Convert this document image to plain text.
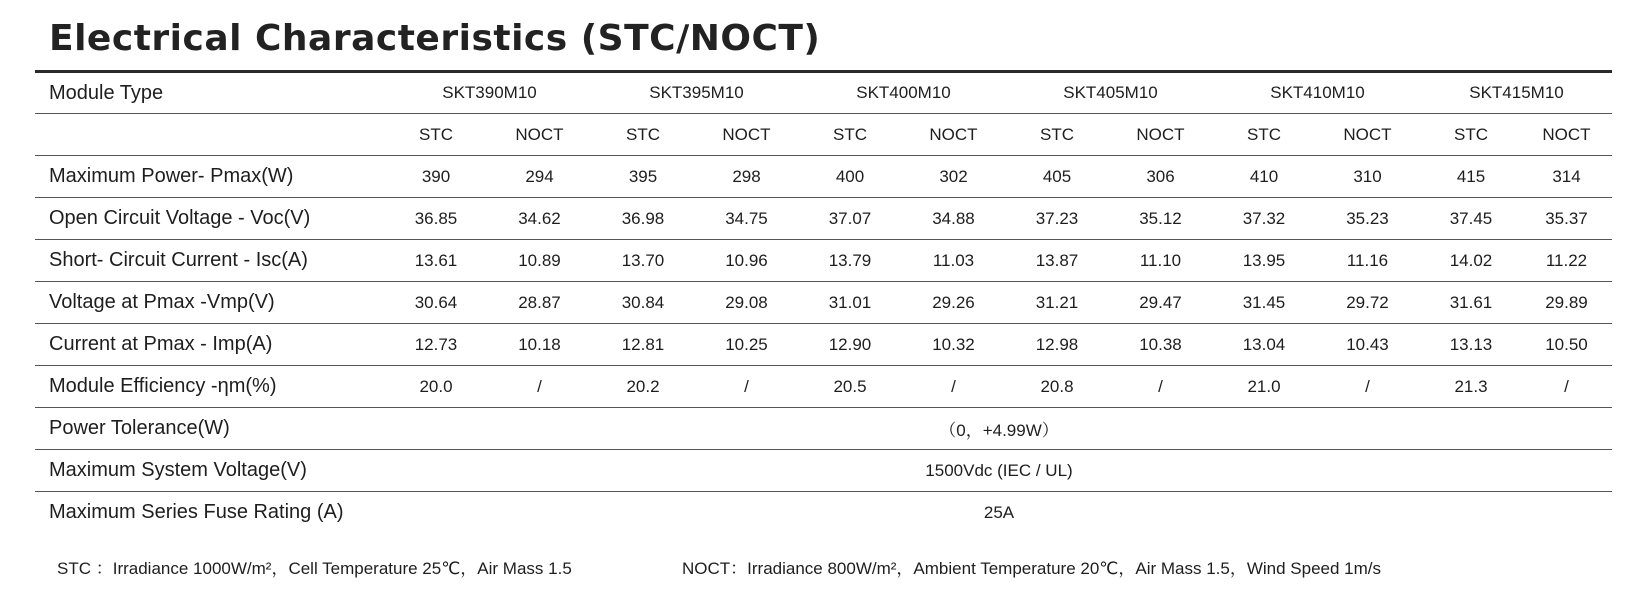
Electrical Characteristics (STC/NOCT)
Module Type	SKT390M10		SKT395M10		SKT400M10		SKT405M10		SKT410M10		SKT415M10	
	STC	NOCT	STC	NOCT	STC	NOCT	STC	NOCT	STC	NOCT	STC	NOCT
Maximum Power- Pmax(W)	390	294	395	298	400	302	405	306	410	310	415	314
Open Circuit Voltage - Voc(V)	36.85	34.62	36.98	34.75	37.07	34.88	37.23	35.12	37.32	35.23	37.45	35.37
Short- Circuit Current - Isc(A)	13.61	10.89	13.70	10.96	13.79	11.03	13.87	11.10	13.95	11.16	14.02	11.22
Voltage at Pmax -Vmp(V)	30.64	28.87	30.84	29.08	31.01	29.26	31.21	29.47	31.45	29.72	31.61	29.89
Current at Pmax - Imp(A)	12.73	10.18	12.81	10.25	12.90	10.32	12.98	10.38	13.04	10.43	13.13	10.50
Module Efficiency -ηm(%)	20.0	/	20.2	/	20.5	/	20.8	/	21.0	/	21.3	/
Power Tolerance(W)	（0，+4.99W）											
Maximum System Voltage(V)	1500Vdc (IEC / UL)											
Maximum Series Fuse Rating (A)	25A											
STC ：Irradiance 1000W/m²，Cell Temperature 25℃，Air Mass 1.5	NOCT：Irradiance 800W/m²，Ambient Temperature 20℃，Air Mass 1.5，Wind Speed 1m/s
